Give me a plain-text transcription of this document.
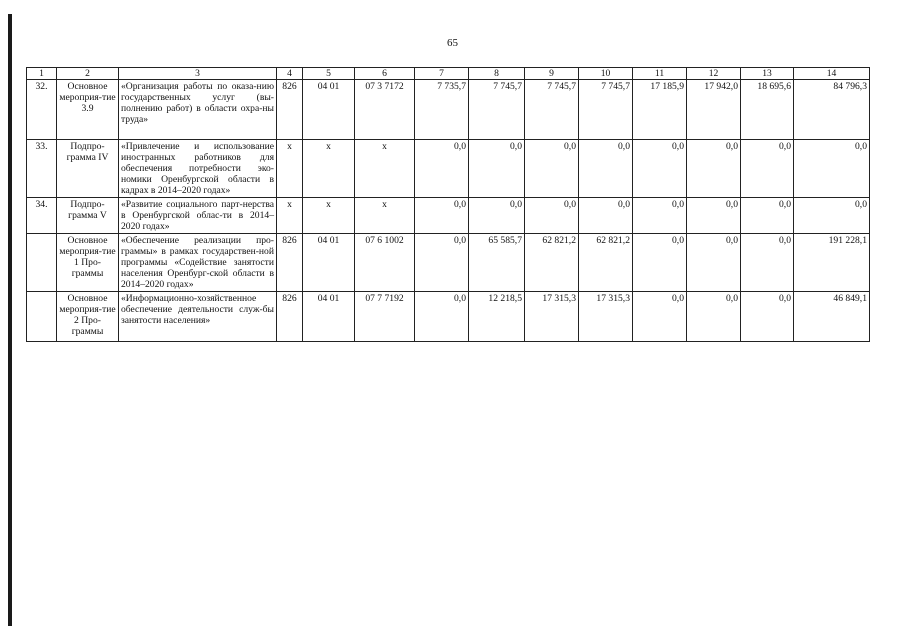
65
1	2	3	4	5	6	7	8	9	10	11	12	13	14
32.	Основное мероприя-тие 3.9	«Организация работы по оказа-нию государственных услуг (вы-полнению работ) в области охра-ны труда»	826	04 01	07 3 7172	7 735,7	7 745,7	7 745,7	7 745,7	17 185,9	17 942,0	18 695,6	84 796,3
33.	Подпро-грамма IV	«Привлечение и использование иностранных работников для обеспечения потребности эко-номики Оренбургской области в кадрах в 2014–2020 годах»	х	х	х	0,0	0,0	0,0	0,0	0,0	0,0	0,0	0,0
34.	Подпро-грамма V	«Развитие социального парт-нерства в Оренбургской облас-ти в 2014–2020 годах»	х	х	х	0,0	0,0	0,0	0,0	0,0	0,0	0,0	0,0
	Основное мероприя-тие 1 Про-граммы	«Обеспечение реализации про-граммы» в рамках государствен-ной программы «Содействие занятости населения Оренбург-ской области в 2014–2020 годах»	826	04 01	07 6 1002	0,0	65 585,7	62 821,2	62 821,2	0,0	0,0	0,0	191 228,1
	Основное мероприя-тие 2 Про-граммы	«Информационно-хозяйственное обеспечение деятельности служ-бы занятости населения»	826	04 01	07 7 7192	0,0	12 218,5	17 315,3	17 315,3	0,0	0,0	0,0	46 849,1
